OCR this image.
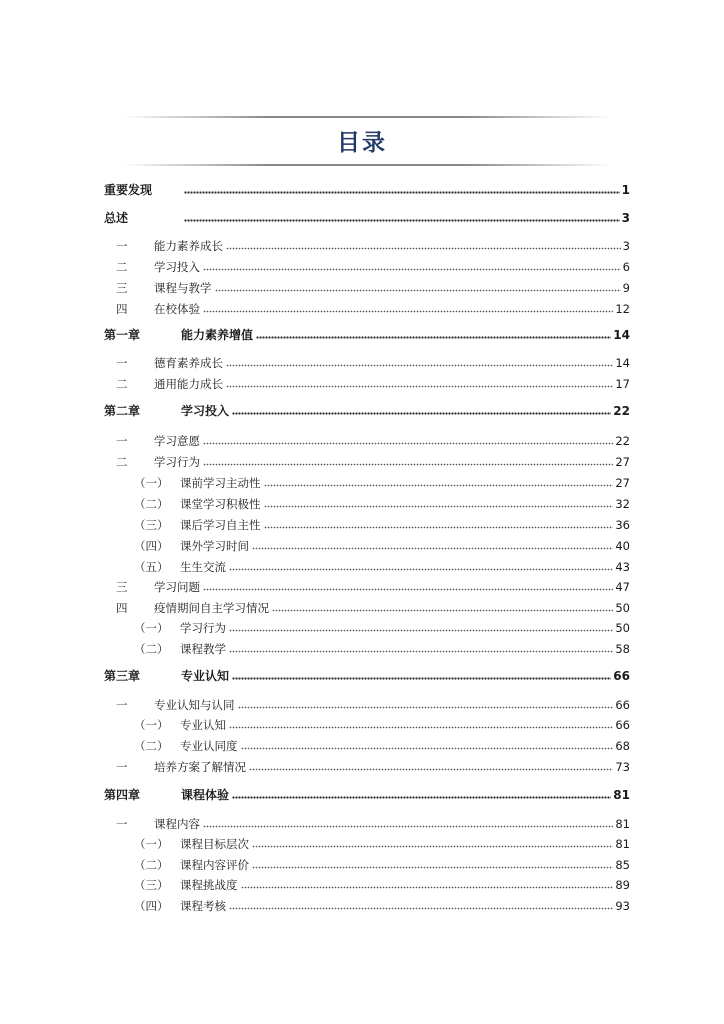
目录
重要发现	1
总述	3
一	能力素养成长	3
二	学习投入	6
三	课程与教学	9
四	在校体验	12
第一章	能力素养增值	14
一	德育素养成长	14
二	通用能力成长	17
第二章	学习投入	22
一	学习意愿	22
二	学习行为	27
（一）	课前学习主动性	27
（二）	课堂学习积极性	32
（三）	课后学习自主性	36
（四）	课外学习时间	40
（五）	生生交流	43
三	学习问题	47
四	疫情期间自主学习情况	50
（一）	学习行为	50
（二）	课程教学	58
第三章	专业认知	66
一	专业认知与认同	66
（一）	专业认知	66
（二）	专业认同度	68
一	培养方案了解情况	73
第四章	课程体验	81
一	课程内容	81
（一）	课程目标层次	81
（二）	课程内容评价	85
（三）	课程挑战度	89
（四）	课程考核	93
